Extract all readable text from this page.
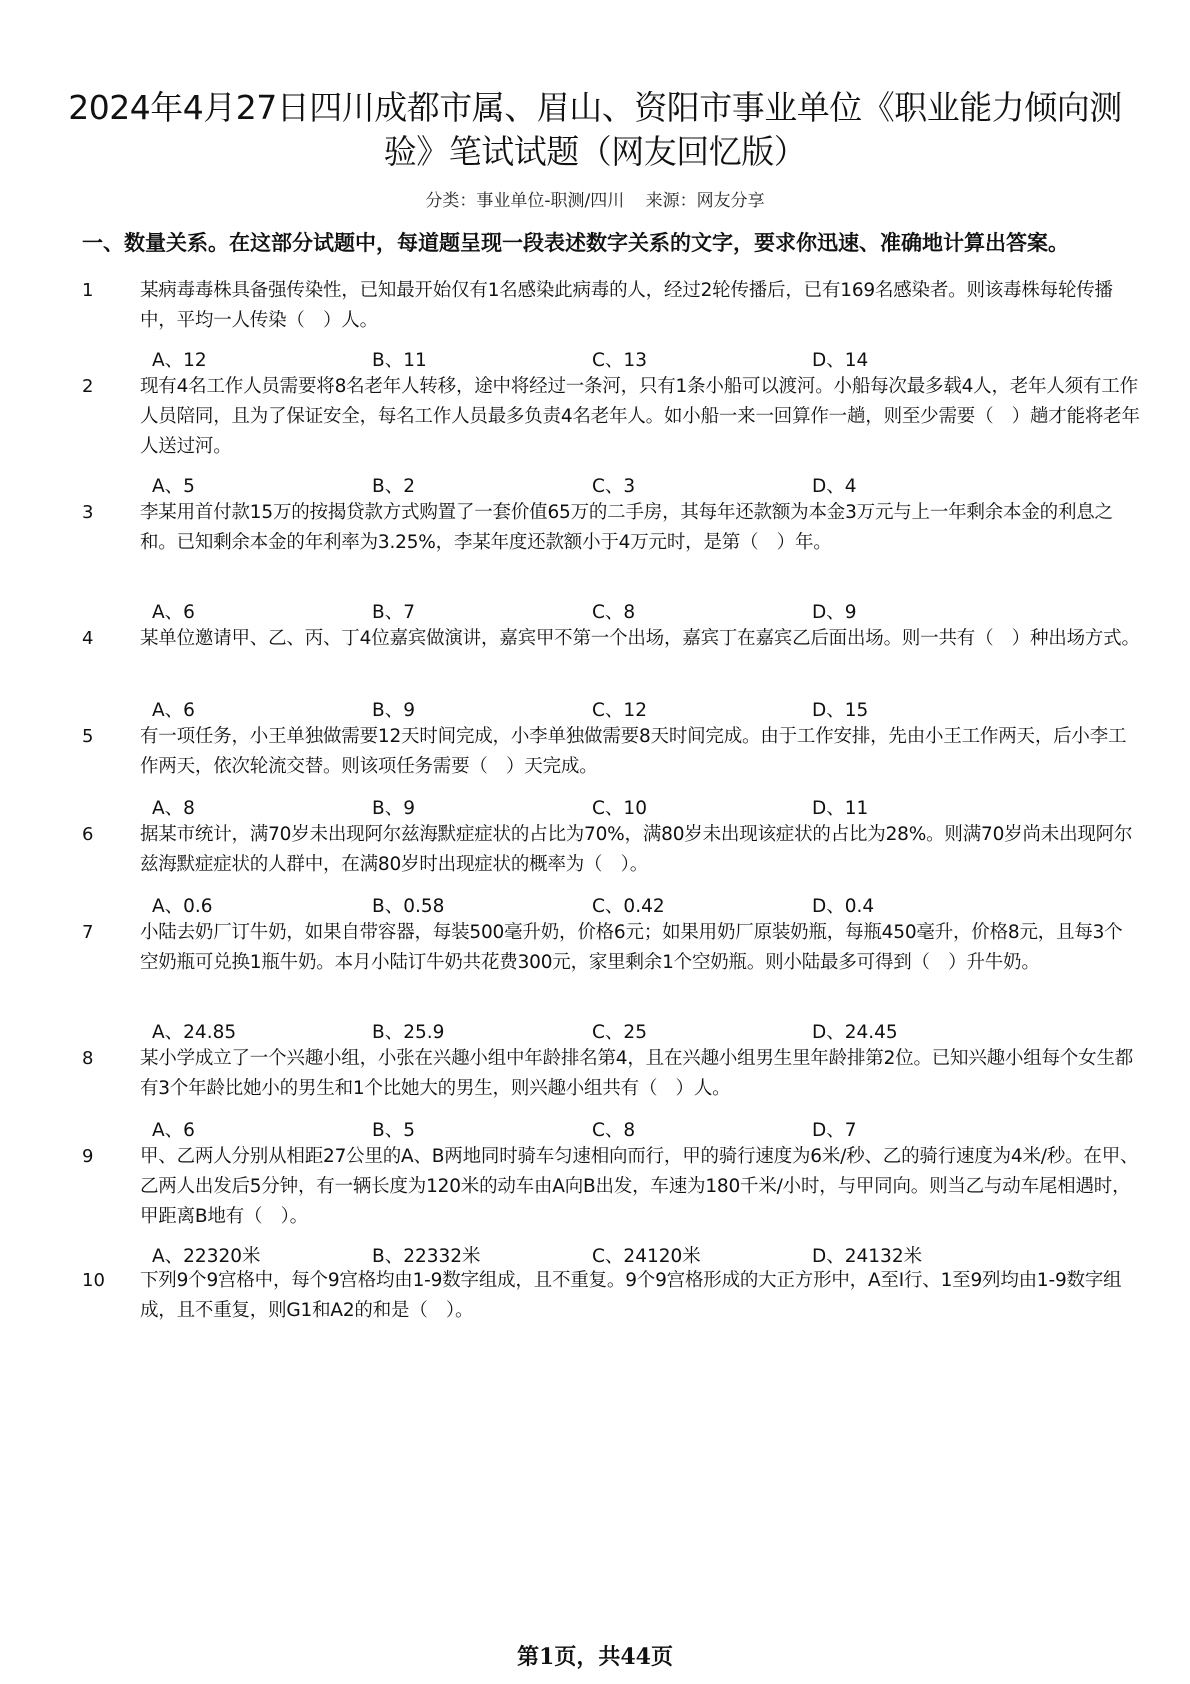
2024年4月27日四川成都市属、眉山、资阳市事业单位《职业能力倾向测验》笔试试题（网友回忆版）
分类：事业单位-职测/四川 来源：网友分享
一、数量关系。在这部分试题中，每道题呈现一段表述数字关系的文字，要求你迅速、准确地计算出答案。
1	某病毒毒株具备强传染性，已知最开始仅有1名感染此病毒的人，经过2轮传播后，已有169名感染者。则该毒株每轮传播中，平均一人传染（　）人。
A、12	B、11	C、13	D、14
2	现有4名工作人员需要将8名老年人转移，途中将经过一条河，只有1条小船可以渡河。小船每次最多载4人，老年人须有工作人员陪同，且为了保证安全，每名工作人员最多负责4名老年人。如小船一来一回算作一趟，则至少需要（　）趟才能将老年人送过河。
A、5	B、2	C、3	D、4
3	李某用首付款15万的按揭贷款方式购置了一套价值65万的二手房，其每年还款额为本金3万元与上一年剩余本金的利息之和。已知剩余本金的年利率为3.25%，李某年度还款额小于4万元时，是第（　）年。
A、6	B、7	C、8	D、9
4	某单位邀请甲、乙、丙、丁4位嘉宾做演讲，嘉宾甲不第一个出场，嘉宾丁在嘉宾乙后面出场。则一共有（　）种出场方式。
A、6	B、9	C、12	D、15
5	有一项任务，小王单独做需要12天时间完成，小李单独做需要8天时间完成。由于工作安排，先由小王工作两天，后小李工作两天，依次轮流交替。则该项任务需要（　）天完成。
A、8	B、9	C、10	D、11
6	据某市统计，满70岁未出现阿尔兹海默症症状的占比为70%，满80岁未出现该症状的占比为28%。则满70岁尚未出现阿尔兹海默症症状的人群中，在满80岁时出现症状的概率为（　）。
A、0.6	B、0.58	C、0.42	D、0.4
7	小陆去奶厂订牛奶，如果自带容器，每装500毫升奶，价格6元；如果用奶厂原装奶瓶，每瓶450毫升，价格8元，且每3个空奶瓶可兑换1瓶牛奶。本月小陆订牛奶共花费300元，家里剩余1个空奶瓶。则小陆最多可得到（　）升牛奶。
A、24.85	B、25.9	C、25	D、24.45
8	某小学成立了一个兴趣小组，小张在兴趣小组中年龄排名第4，且在兴趣小组男生里年龄排第2位。已知兴趣小组每个女生都有3个年龄比她小的男生和1个比她大的男生，则兴趣小组共有（　）人。
A、6	B、5	C、8	D、7
9	甲、乙两人分别从相距27公里的A、B两地同时骑车匀速相向而行，甲的骑行速度为6米/秒、乙的骑行速度为4米/秒。在甲、乙两人出发后5分钟，有一辆长度为120米的动车由A向B出发，车速为180千米/小时，与甲同向。则当乙与动车尾相遇时，甲距离B地有（　）。
A、22320米	B、22332米	C、24120米	D、24132米
10 下列9个9宫格中，每个9宫格均由1-9数字组成，且不重复。9个9宫格形成的大正方形中，A至I行、1至9列均由1-9数字组成，且不重复，则G1和A2的和是（　）。
第1页，共44页
